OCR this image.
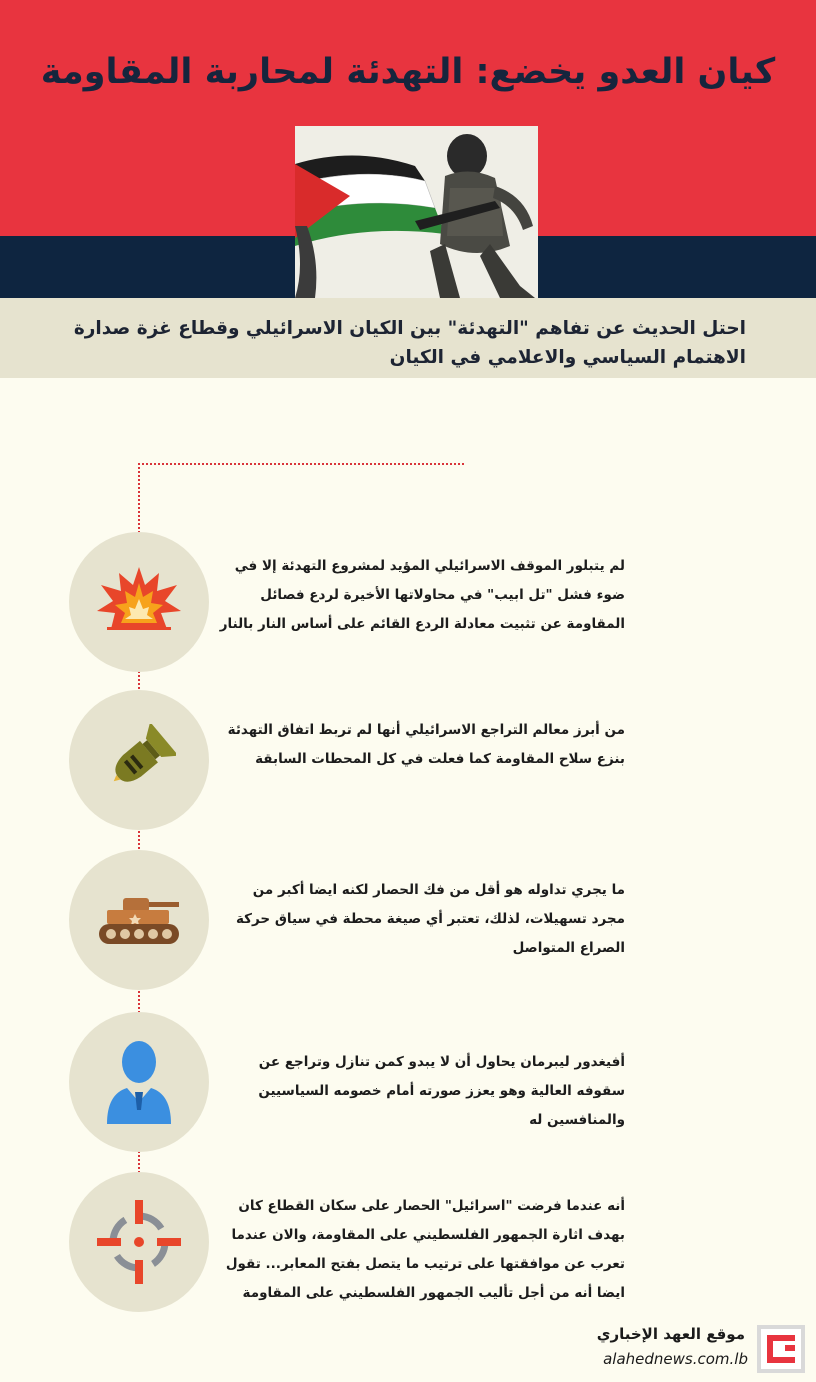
كيان العدو يخضع: التهدئة لمحاربة المقاومة

احتل الحديث عن تفاهم "التهدئة" بين الكيان الاسرائيلي وقطاع غزة صدارة الاهتمام السياسي والاعلامي في الكيان

لم يتبلور الموقف الاسرائيلي المؤيد لمشروع التهدئة إلا في ضوء فشل "تل ابيب" في محاولاتها الأخيرة لردع فصائل المقاومة عن تثبيت معادلة الردع القائم على أساس النار بالنار

من أبرز معالم التراجع الاسرائيلي أنها لم تربط اتفاق التهدئة بنزع سلاح المقاومة كما فعلت في كل المحطات السابقة

ما يجري تداوله هو أقل من فك الحصار لكنه ايضا أكبر من مجرد تسهيلات، لذلك، تعتبر أي صيغة محطة في سياق حركة الصراع المتواصل

أفيغدور ليبرمان يحاول أن لا يبدو كمن تنازل وتراجع عن سقوفه العالية وهو يعزز صورته أمام خصومه السياسيين والمنافسين له

أنه عندما فرضت "اسرائيل" الحصار على سكان القطاع كان بهدف اثارة الجمهور الفلسطيني على المقاومة، والان عندما تعرب عن موافقتها على ترتيب ما يتصل بفتح المعابر... تقول ايضا أنه من أجل تأليب الجمهور الفلسطيني على المقاومة

موقع العهد الإخباري
alahednews.com.lb
